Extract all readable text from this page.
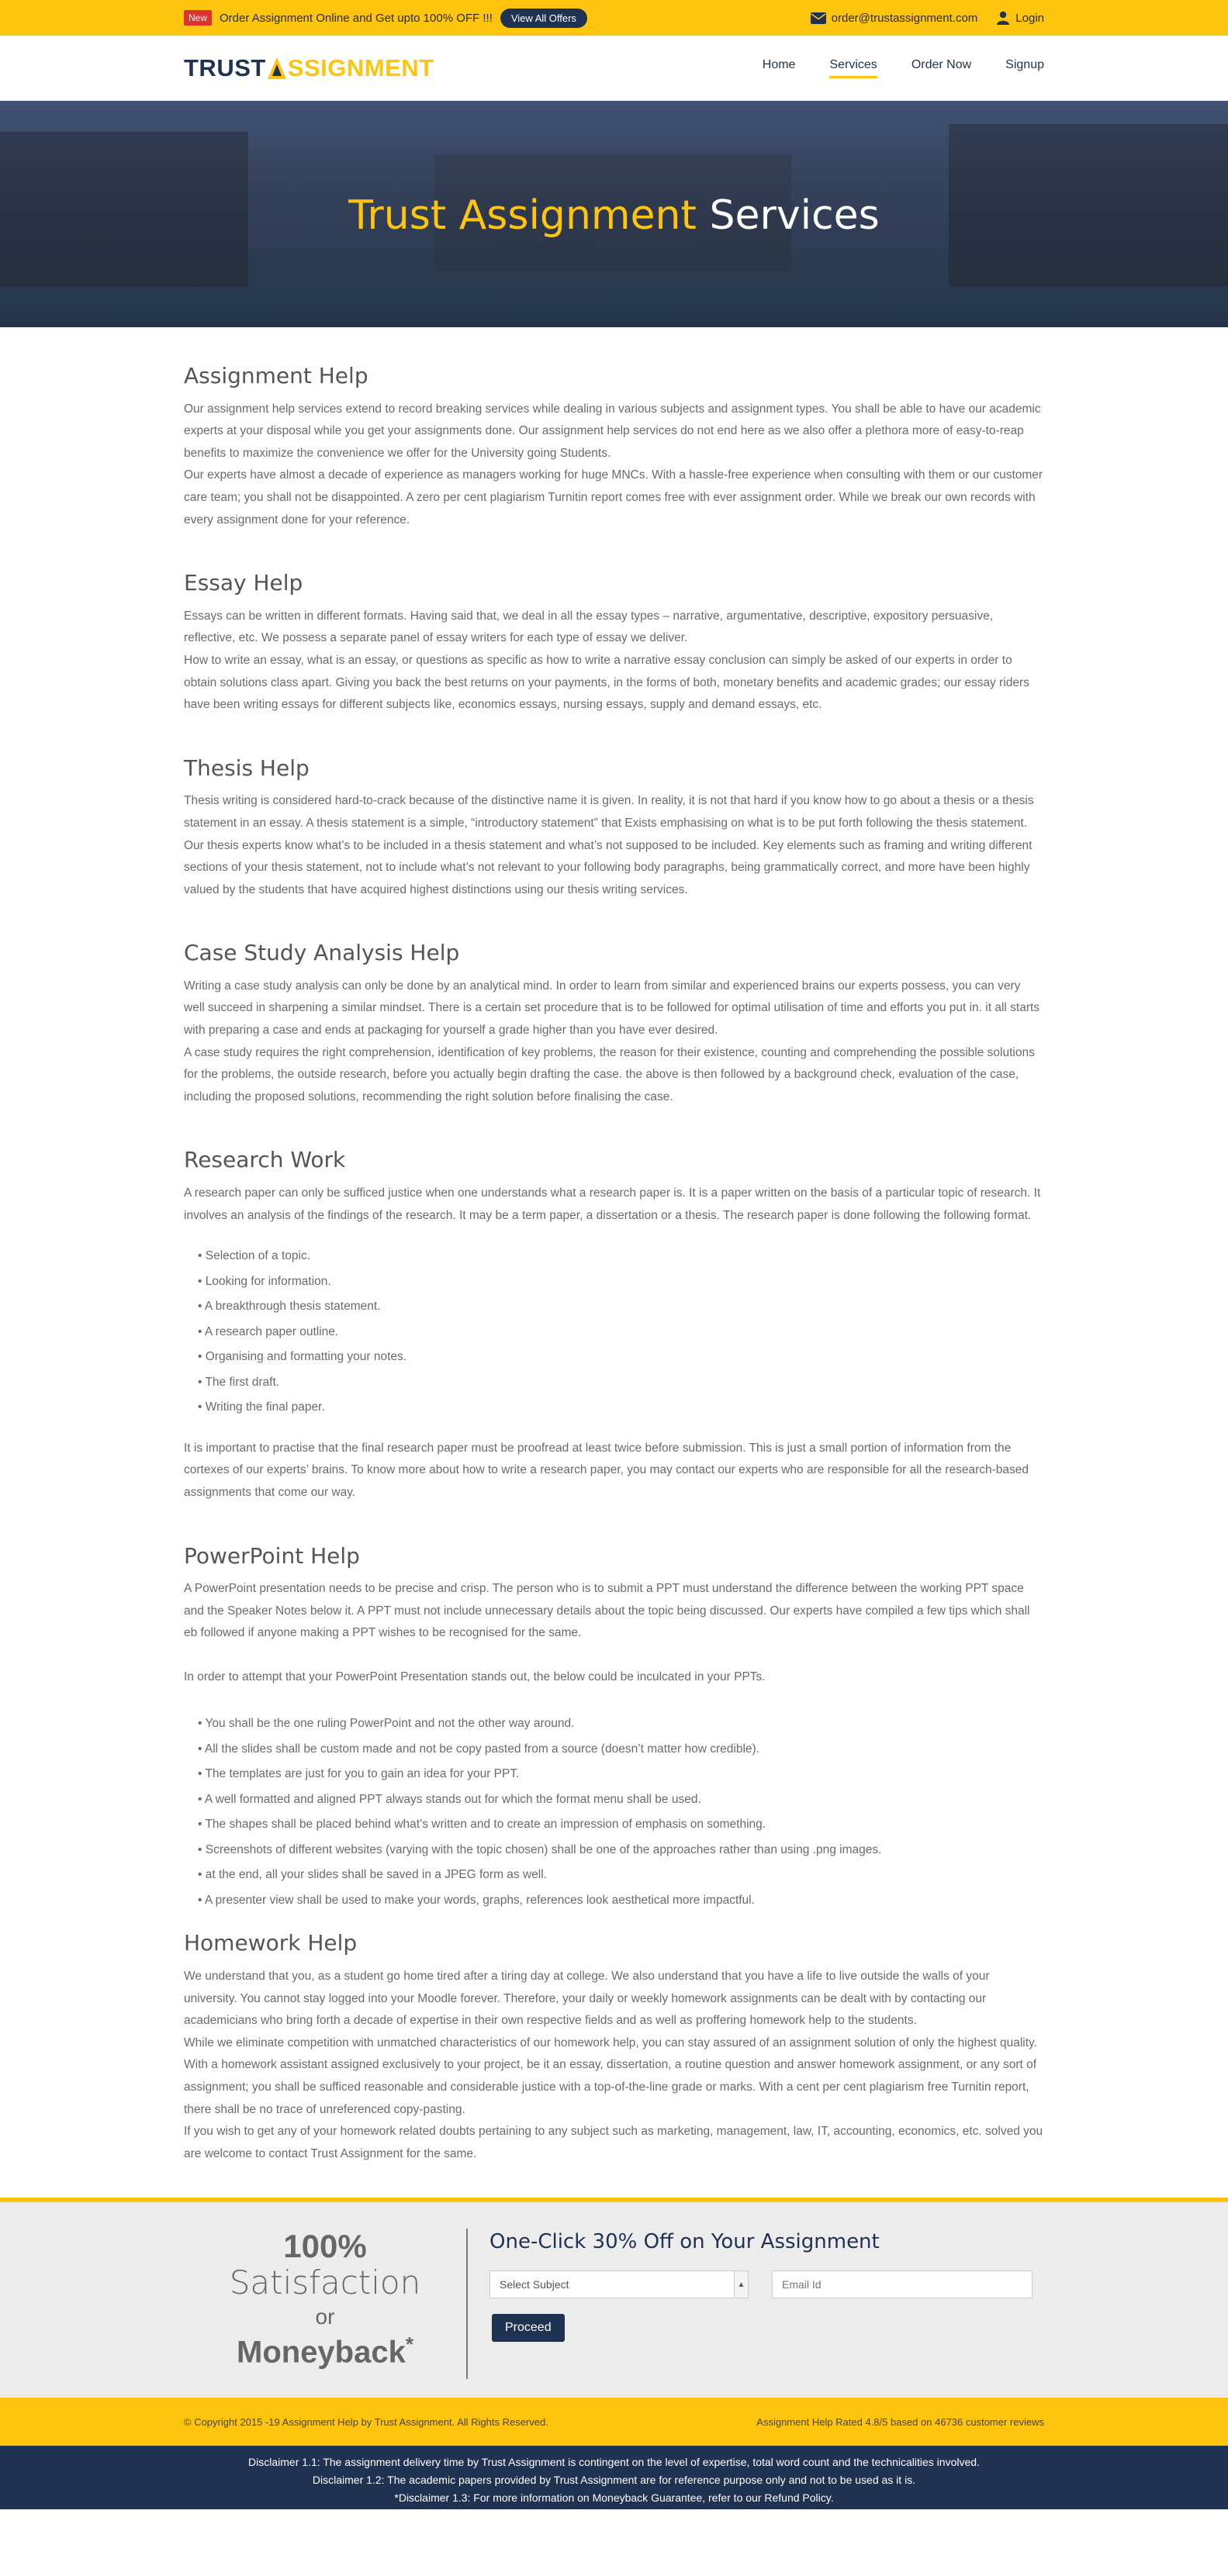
New	Order Assignment Online and Get upto 100% OFF !!!	View All Offers	order@trustassignment.com	Login
TRUST SSIGNMENT	Home	Services	Order Now	Signup
Trust Assignment Services
Assignment Help

Our assignment help services extend to record breaking services while dealing in various subjects and assignment types. You shall be able to have our academic experts at your disposal while you get your assignments done. Our assignment help services do not end here as we also offer a plethora more of easy-to-reap benefits to maximize the convenience we offer for the University going Students.

Our experts have almost a decade of experience as managers working for huge MNCs. With a hassle-free experience when consulting with them or our customer care team; you shall not be disappointed. A zero per cent plagiarism Turnitin report comes free with ever assignment order. While we break our own records with every assignment done for your reference.

Essay Help

Essays can be written in different formats. Having said that, we deal in all the essay types – narrative, argumentative, descriptive, expository persuasive, reflective, etc. We possess a separate panel of essay writers for each type of essay we deliver.

How to write an essay, what is an essay, or questions as specific as how to write a narrative essay conclusion can simply be asked of our experts in order to obtain solutions class apart. Giving you back the best returns on your payments, in the forms of both, monetary benefits and academic grades; our essay riders have been writing essays for different subjects like, economics essays, nursing essays, supply and demand essays, etc.

Thesis Help

Thesis writing is considered hard-to-crack because of the distinctive name it is given. In reality, it is not that hard if you know how to go about a thesis or a thesis statement in an essay. A thesis statement is a simple, “introductory statement” that Exists emphasising on what is to be put forth following the thesis statement.

Our thesis experts know what’s to be included in a thesis statement and what’s not supposed to be included. Key elements such as framing and writing different sections of your thesis statement, not to include what’s not relevant to your following body paragraphs, being grammatically correct, and more have been highly valued by the students that have acquired highest distinctions using our thesis writing services.

Case Study Analysis Help

Writing a case study analysis can only be done by an analytical mind. In order to learn from similar and experienced brains our experts possess, you can very well succeed in sharpening a similar mindset. There is a certain set procedure that is to be followed for optimal utilisation of time and efforts you put in. it all starts with preparing a case and ends at packaging for yourself a grade higher than you have ever desired.

A case study requires the right comprehension, identification of key problems, the reason for their existence, counting and comprehending the possible solutions for the problems, the outside research, before you actually begin drafting the case. the above is then followed by a background check, evaluation of the case, including the proposed solutions, recommending the right solution before finalising the case.

Research Work

A research paper can only be sufficed justice when one understands what a research paper is. It is a paper written on the basis of a particular topic of research. It involves an analysis of the findings of the research. It may be a term paper, a dissertation or a thesis. The research paper is done following the following format.

• Selection of a topic.
• Looking for information.
• A breakthrough thesis statement.
• A research paper outline.
• Organising and formatting your notes.
• The first draft.
• Writing the final paper.

It is important to practise that the final research paper must be proofread at least twice before submission. This is just a small portion of information from the cortexes of our experts’ brains. To know more about how to write a research paper, you may contact our experts who are responsible for all the research-based assignments that come our way.

PowerPoint Help

A PowerPoint presentation needs to be precise and crisp. The person who is to submit a PPT must understand the difference between the working PPT space and the Speaker Notes below it. A PPT must not include unnecessary details about the topic being discussed. Our experts have compiled a few tips which shall eb followed if anyone making a PPT wishes to be recognised for the same.

In order to attempt that your PowerPoint Presentation stands out, the below could be inculcated in your PPTs.

• You shall be the one ruling PowerPoint and not the other way around.
• All the slides shall be custom made and not be copy pasted from a source (doesn’t matter how credible).
• The templates are just for you to gain an idea for your PPT.
• A well formatted and aligned PPT always stands out for which the format menu shall be used.
• The shapes shall be placed behind what’s written and to create an impression of emphasis on something.
• Screenshots of different websites (varying with the topic chosen) shall be one of the approaches rather than using .png images.
• at the end, all your slides shall be saved in a JPEG form as well.
• A presenter view shall be used to make your words, graphs, references look aesthetical more impactful.
Homework Help

We understand that you, as a student go home tired after a tiring day at college. We also understand that you have a life to live outside the walls of your university. You cannot stay logged into your Moodle forever. Therefore, your daily or weekly homework assignments can be dealt with by contacting our academicians who bring forth a decade of expertise in their own respective fields and as well as proffering homework help to the students.

While we eliminate competition with unmatched characteristics of our homework help, you can stay assured of an assignment solution of only the highest quality. With a homework assistant assigned exclusively to your project, be it an essay, dissertation, a routine question and answer homework assignment, or any sort of assignment; you shall be sufficed reasonable and considerable justice with a top-of-the-line grade or marks. With a cent per cent plagiarism free Turnitin report, there shall be no trace of unreferenced copy-pasting.

If you wish to get any of your homework related doubts pertaining to any subject such as marketing, management, law, IT, accounting, economics, etc. solved you are welcome to contact Trust Assignment for the same.

100%
Satisfaction
or
Moneyback*
One-Click 30% Off on Your Assignment
Select Subject	▲

Email Id
Proceed
© Copyright 2015 -19 Assignment Help by Trust Assignment. All Rights Reserved.	Assignment Help Rated 4.8/5 based on 46736 customer reviews
Disclaimer 1.1: The assignment delivery time by Trust Assignment is contingent on the level of expertise, total word count and the technicalities involved.
Disclaimer 1.2: The academic papers provided by Trust Assignment are for reference purpose only and not to be used as it is.
*Disclaimer 1.3: For more information on Moneyback Guarantee, refer to our Refund Policy.
